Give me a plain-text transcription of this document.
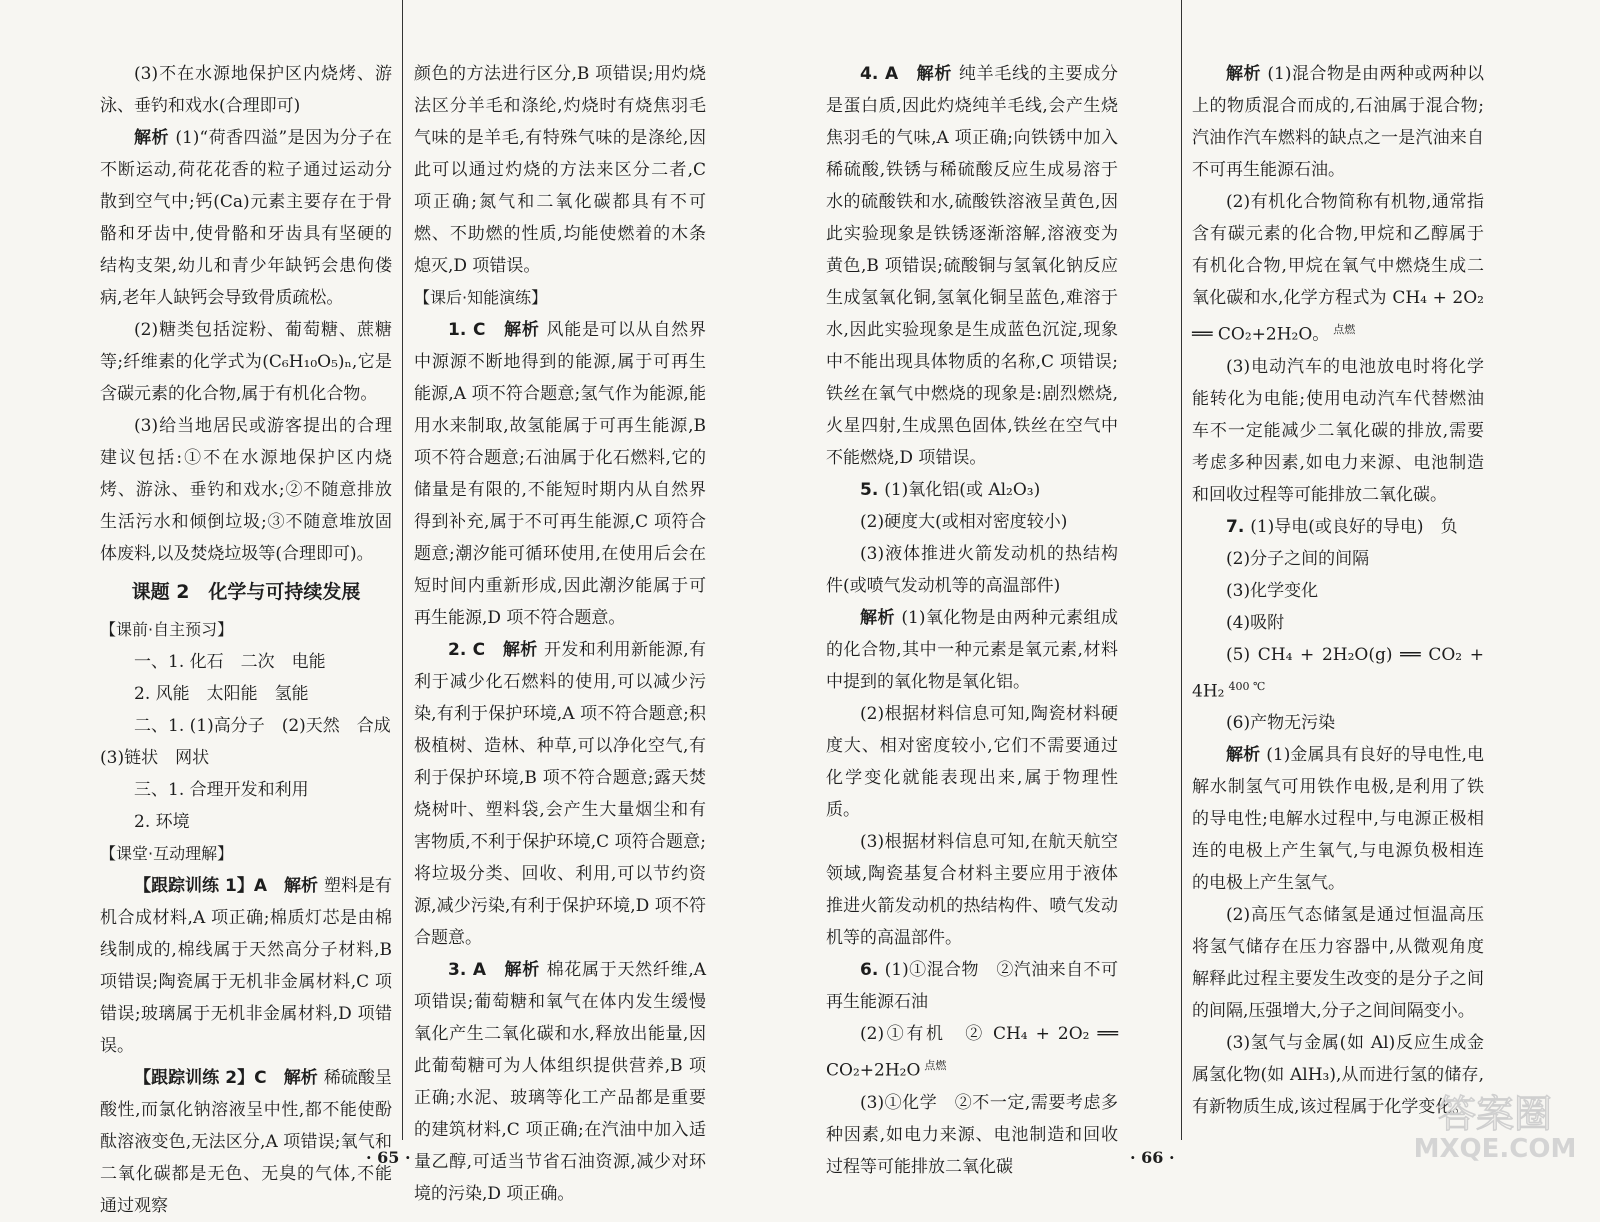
(3)不在水源地保护区内烧烤、游泳、垂钓和戏水(合理即可)

解析 (1)“荷香四溢”是因为分子在不断运动,荷花花香的粒子通过运动分散到空气中;钙(Ca)元素主要存在于骨骼和牙齿中,使骨骼和牙齿具有坚硬的结构支架,幼儿和青少年缺钙会患佝偻病,老年人缺钙会导致骨质疏松。

(2)糖类包括淀粉、葡萄糖、蔗糖等;纤维素的化学式为(C₆H₁₀O₅)ₙ,它是含碳元素的化合物,属于有机化合物。

(3)给当地居民或游客提出的合理建议包括:①不在水源地保护区内烧烤、游泳、垂钓和戏水;②不随意排放生活污水和倾倒垃圾;③不随意堆放固体废料,以及焚烧垃圾等(合理即可)。

课题 2　化学与可持续发展

【课前·自主预习】

一、1. 化石　二次　电能

2. 风能　太阳能　氢能

二、1. (1)高分子　(2)天然　合成

(3)链状　网状

三、1. 合理开发和利用

2. 环境

【课堂·互动理解】

【跟踪训练 1】A　解析 塑料是有机合成材料,A 项正确;棉质灯芯是由棉线制成的,棉线属于天然高分子材料,B 项错误;陶瓷属于无机非金属材料,C 项错误;玻璃属于无机非金属材料,D 项错误。

【跟踪训练 2】C　解析 稀硫酸呈酸性,而氯化钠溶液呈中性,都不能使酚酞溶液变色,无法区分,A 项错误;氧气和二氧化碳都是无色、无臭的气体,不能通过观察

颜色的方法进行区分,B 项错误;用灼烧法区分羊毛和涤纶,灼烧时有烧焦羽毛气味的是羊毛,有特殊气味的是涤纶,因此可以通过灼烧的方法来区分二者,C 项正确;氮气和二氧化碳都具有不可燃、不助燃的性质,均能使燃着的木条熄灭,D 项错误。

【课后·知能演练】

1. C　解析 风能是可以从自然界中源源不断地得到的能源,属于可再生能源,A 项不符合题意;氢气作为能源,能用水来制取,故氢能属于可再生能源,B 项不符合题意;石油属于化石燃料,它的储量是有限的,不能短时期内从自然界得到补充,属于不可再生能源,C 项符合题意;潮汐能可循环使用,在使用后会在短时间内重新形成,因此潮汐能属于可再生能源,D 项不符合题意。

2. C　解析 开发和利用新能源,有利于减少化石燃料的使用,可以减少污染,有利于保护环境,A 项不符合题意;积极植树、造林、种草,可以净化空气,有利于保护环境,B 项不符合题意;露天焚烧树叶、塑料袋,会产生大量烟尘和有害物质,不利于保护环境,C 项符合题意;将垃圾分类、回收、利用,可以节约资源,减少污染,有利于保护环境,D 项不符合题意。

3. A　解析 棉花属于天然纤维,A 项错误;葡萄糖和氧气在体内发生缓慢氧化产生二氧化碳和水,释放出能量,因此葡萄糖可为人体组织提供营养,B 项正确;水泥、玻璃等化工产品都是重要的建筑材料,C 项正确;在汽油中加入适量乙醇,可适当节省石油资源,减少对环境的污染,D 项正确。

· 65 ·

4. A　解析 纯羊毛线的主要成分是蛋白质,因此灼烧纯羊毛线,会产生烧焦羽毛的气味,A 项正确;向铁锈中加入稀硫酸,铁锈与稀硫酸反应生成易溶于水的硫酸铁和水,硫酸铁溶液呈黄色,因此实验现象是铁锈逐渐溶解,溶液变为黄色,B 项错误;硫酸铜与氢氧化钠反应生成氢氧化铜,氢氧化铜呈蓝色,难溶于水,因此实验现象是生成蓝色沉淀,现象中不能出现具体物质的名称,C 项错误;铁丝在氧气中燃烧的现象是:剧烈燃烧,火星四射,生成黑色固体,铁丝在空气中不能燃烧,D 项错误。

5. (1)氧化铝(或 Al₂O₃)

(2)硬度大(或相对密度较小)

(3)液体推进火箭发动机的热结构件(或喷气发动机等的高温部件)

解析 (1)氧化物是由两种元素组成的化合物,其中一种元素是氧元素,材料中提到的氧化物是氧化铝。

(2)根据材料信息可知,陶瓷材料硬度大、相对密度较小,它们不需要通过化学变化就能表现出来,属于物理性质。

(3)根据材料信息可知,在航天航空领域,陶瓷基复合材料主要应用于液体推进火箭发动机的热结构件、喷气发动机等的高温部件。

6. (1)①混合物　②汽油来自不可再生能源石油

(2)①有机　② CH₄ + 2O₂ ══ CO₂+2H₂O $^{点燃}$

(3)①化学　②不一定,需要考虑多种因素,如电力来源、电池制造和回收过程等可能排放二氧化碳

解析 (1)混合物是由两种或两种以上的物质混合而成的,石油属于混合物;汽油作汽车燃料的缺点之一是汽油来自不可再生能源石油。

(2)有机化合物简称有机物,通常指含有碳元素的化合物,甲烷和乙醇属于有机化合物,甲烷在氧气中燃烧生成二氧化碳和水,化学方程式为 CH₄ + 2O₂ ══ CO₂+2H₂O。 $^{点燃}$

(3)电动汽车的电池放电时将化学能转化为电能;使用电动汽车代替燃油车不一定能减少二氧化碳的排放,需要考虑多种因素,如电力来源、电池制造和回收过程等可能排放二氧化碳。

7. (1)导电(或良好的导电)　负

(2)分子之间的间隔

(3)化学变化

(4)吸附

(5) CH₄ + 2H₂O(g) ══ CO₂ + 4H₂ $^{400 ℃}$

(6)产物无污染

解析 (1)金属具有良好的导电性,电解水制氢气可用铁作电极,是利用了铁的导电性;电解水过程中,与电源正极相连的电极上产生氧气,与电源负极相连的电极上产生氢气。

(2)高压气态储氢是通过恒温高压将氢气储存在压力容器中,从微观角度解释此过程主要发生改变的是分子之间的间隔,压强增大,分子之间间隔变小。

(3)氢气与金属(如 Al)反应生成金属氢化物(如 AlH₃),从而进行氢的储存,有新物质生成,该过程属于化学变化。

· 66 ·
答案圈
MXQE.COM
